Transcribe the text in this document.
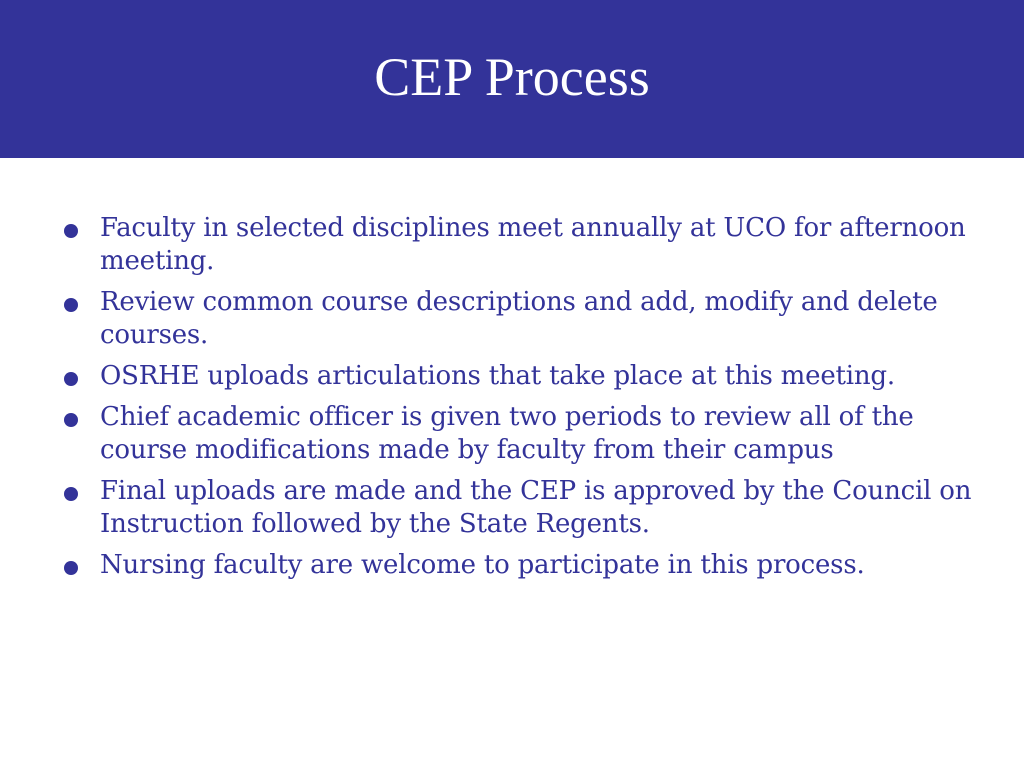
CEP Process
Faculty in selected disciplines meet annually at UCO for afternoon meeting.
Review common course descriptions and add, modify and delete courses.
OSRHE uploads articulations that take place at this meeting.
Chief academic officer is given two periods to review all of the course modifications made by faculty from their campus
Final uploads are made and the CEP is approved by the Council on Instruction followed by the State Regents.
Nursing faculty are welcome to participate in this process.
